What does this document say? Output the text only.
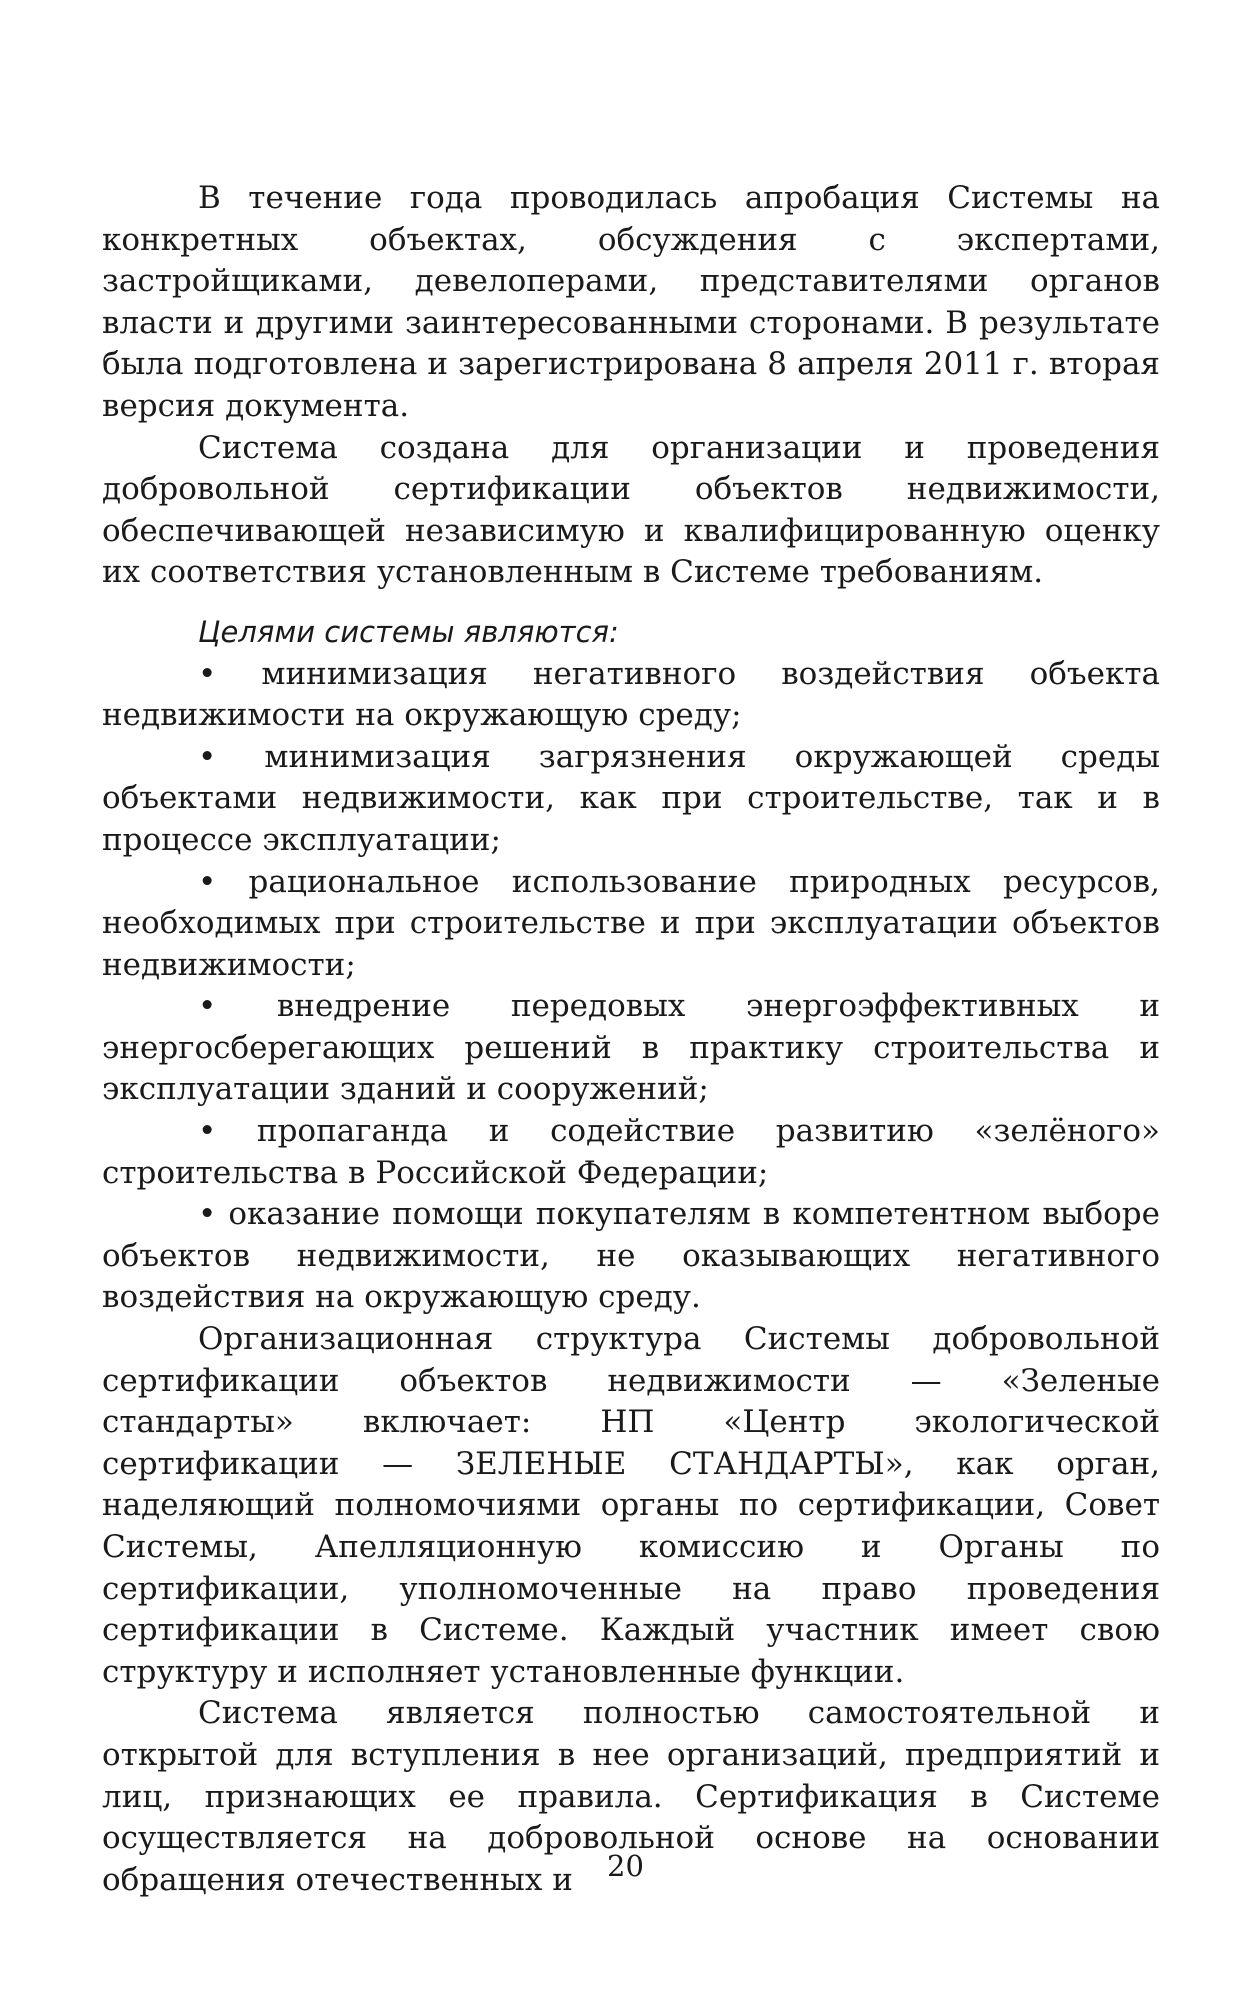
В течение года проводилась апробация Системы на конкретных объектах, обсуждения с экспертами, застройщиками, девелоперами, представителями органов власти и другими заинтересованными сторонами. В результате была подготовлена и зарегистрирована 8 апреля 2011 г. вторая версия документа.

Система создана для организации и проведения добровольной сертификации объектов недвижимости, обеспечивающей независимую и квалифицированную оценку их соответствия установленным в Системе требованиям.

Целями системы являются:

• минимизация негативного воздействия объекта недвижимости на окружающую среду;

• минимизация загрязнения окружающей среды объектами недвижимости, как при строительстве, так и в процессе эксплуатации;

• рациональное использование природных ресурсов, необходимых при строительстве и при эксплуатации объектов недвижимости;

• внедрение передовых энергоэффективных и энергосберегающих решений в практику строительства и эксплуатации зданий и сооружений;

• пропаганда и содействие развитию «зелёного» строительства в Российской Федерации;

• оказание помощи покупателям в компетентном выборе объектов недвижимости, не оказывающих негативного воздействия на окружающую среду.

Организационная структура Системы добровольной сертификации объектов недвижимости — «Зеленые стандарты» включает: НП «Центр экологической сертификации — ЗЕЛЕНЫЕ СТАНДАРТЫ», как орган, наделяющий полномочиями органы по сертификации, Совет Системы, Апелляционную комиссию и Органы по сертификации, уполномоченные на право проведения сертификации в Системе. Каждый участник имеет свою структуру и исполняет установленные функции.

Система является полностью самостоятельной и открытой для вступления в нее организаций, предприятий и лиц, признающих ее правила. Сертификация в Системе осуществляется на добровольной основе на основании обращения отечественных и	20
